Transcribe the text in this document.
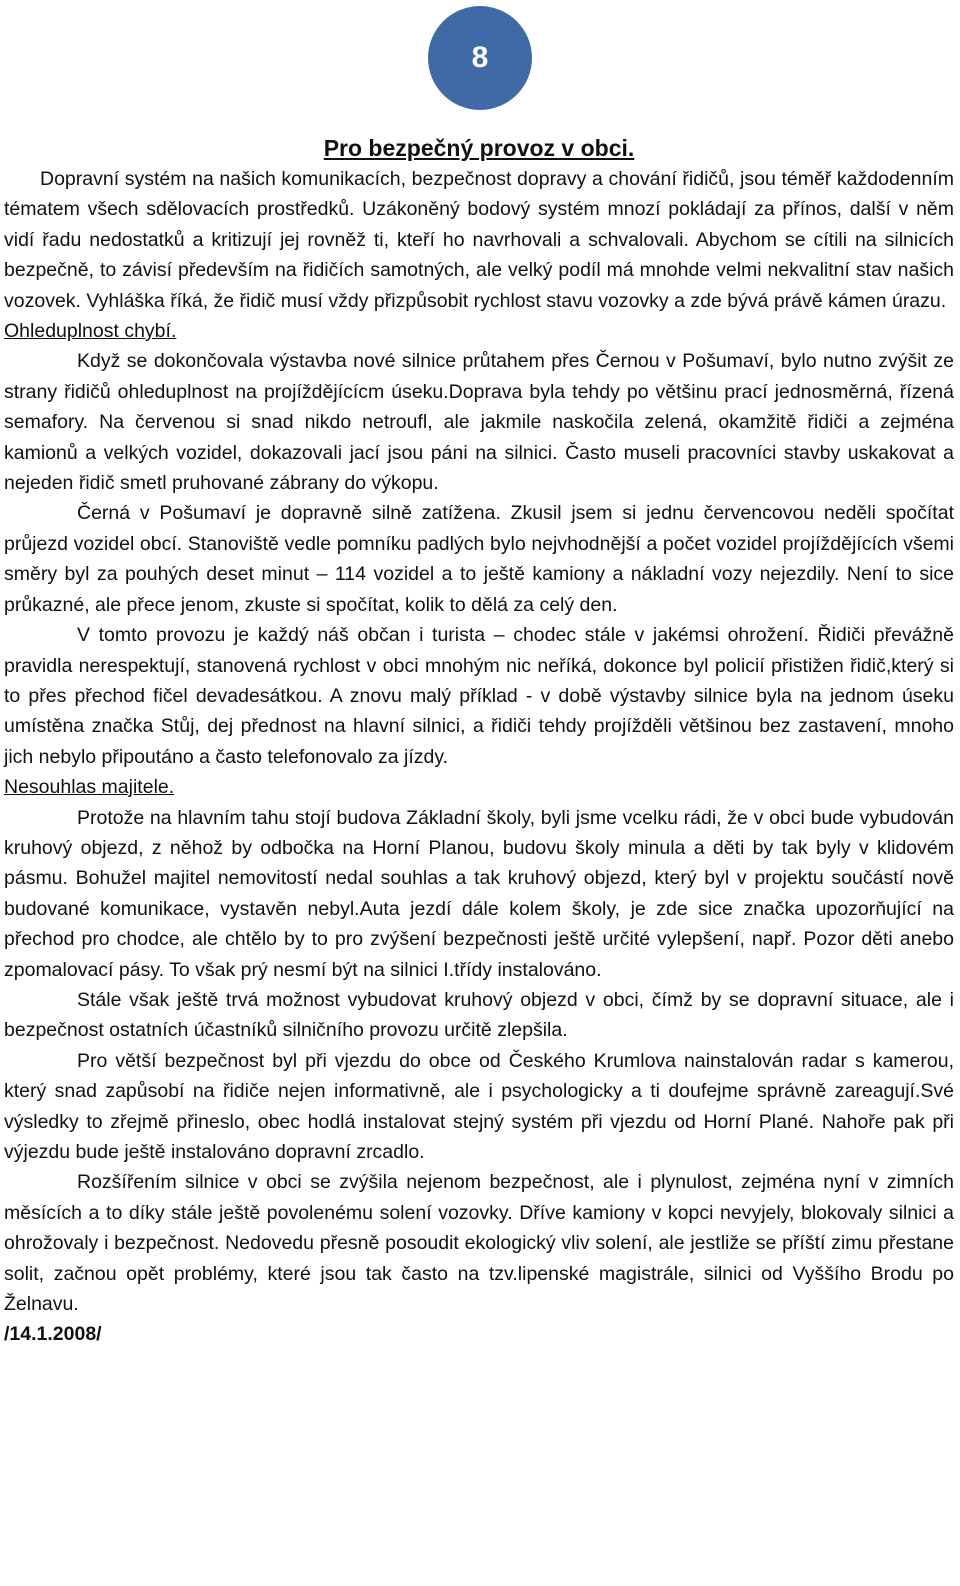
8
Pro bezpečný provoz v obci.

Dopravní systém na našich komunikacích, bezpečnost dopravy a chování řidičů, jsou téměř každodenním tématem všech sdělovacích prostředků. Uzákoněný bodový systém mnozí pokládají za přínos, další v něm vidí řadu nedostatků a kritizují jej rovněž ti, kteří ho navrhovali a schvalovali. Abychom se cítili na silnicích bezpečně, to závisí především na řidičích samotných, ale velký podíl má mnohde velmi nekvalitní stav našich vozovek. Vyhláška říká, že řidič musí vždy přizpůsobit rychlost stavu vozovky a zde bývá právě kámen úrazu.

Ohleduplnost chybí.

Když se dokončovala výstavba nové silnice průtahem přes Černou v Pošumaví, bylo nutno zvýšit ze strany řidičů ohleduplnost na projíždějícícm úseku.Doprava byla tehdy po většinu prací jednosměrná, řízená semafory. Na červenou si snad nikdo netroufl, ale jakmile naskočila zelená, okamžitě řidiči a zejména kamionů a velkých vozidel, dokazovali jací jsou páni na silnici. Často museli pracovníci stavby uskakovat a nejeden řidič smetl pruhované zábrany do výkopu.

Černá v Pošumaví je dopravně silně zatížena. Zkusil jsem si jednu červencovou neděli spočítat průjezd vozidel obcí. Stanoviště vedle pomníku padlých bylo nejvhodnější a počet vozidel projíždějících všemi směry byl za pouhých deset minut – 114 vozidel a to ještě kamiony a nákladní vozy nejezdily. Není to sice průkazné, ale přece jenom, zkuste si spočítat, kolik to dělá za celý den.

V tomto provozu je každý náš občan i turista – chodec stále v jakémsi ohrožení. Řidiči převážně pravidla nerespektují, stanovená rychlost v obci mnohým nic neříká, dokonce byl policií přistižen řidič,který si to přes přechod fičel devadesátkou. A znovu malý příklad - v době výstavby silnice byla na jednom úseku umístěna značka Stůj, dej přednost na hlavní silnici, a řidiči tehdy projížděli většinou bez zastavení, mnoho jich nebylo připoutáno a často telefonovalo za jízdy.

Nesouhlas majitele.

Protože na hlavním tahu stojí budova Základní školy, byli jsme vcelku rádi, že v obci bude vybudován kruhový objezd, z něhož by odbočka na Horní Planou, budovu školy minula a děti by tak byly v klidovém pásmu. Bohužel majitel nemovitostí nedal souhlas a tak kruhový objezd, který byl v projektu součástí nově budované komunikace, vystavěn nebyl.Auta jezdí dále kolem školy, je zde sice značka upozorňující na přechod pro chodce, ale chtělo by to pro zvýšení bezpečnosti ještě určité vylepšení, např. Pozor děti anebo zpomalovací pásy. To však prý nesmí být na silnici I.třídy instalováno.

Stále však ještě trvá možnost vybudovat kruhový objezd v obci, čímž by se dopravní situace, ale i bezpečnost ostatních účastníků silničního provozu určitě zlepšila.

Pro větší bezpečnost byl při vjezdu do obce od Českého Krumlova nainstalován radar s kamerou, který snad zapůsobí na řidiče nejen informativně, ale i psychologicky a ti doufejme správně zareagují.Své výsledky to zřejmě přineslo, obec hodlá instalovat stejný systém při vjezdu od Horní Plané. Nahoře pak při výjezdu bude ještě instalováno dopravní zrcadlo.

Rozšířením silnice v obci se zvýšila nejenom bezpečnost, ale i plynulost, zejména nyní v zimních měsících a to díky stále ještě povolenému solení vozovky. Dříve kamiony v kopci nevyjely, blokovaly silnici a ohrožovaly i bezpečnost. Nedovedu přesně posoudit ekologický vliv solení, ale jestliže se příští zimu přestane solit, začnou opět problémy, které jsou tak často na tzv.lipenské magistrále, silnici od Vyššího Brodu po Želnavu.

/14.1.2008/
